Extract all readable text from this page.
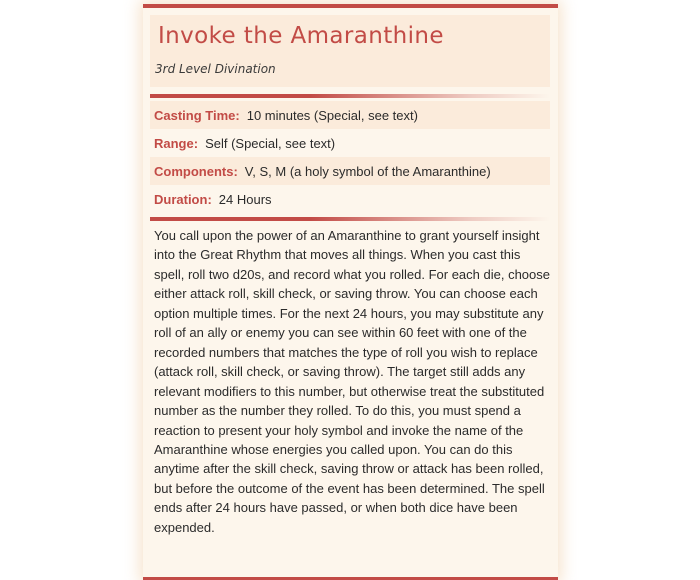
Invoke the Amaranthine
3rd Level Divination
Casting Time: 10 minutes (Special, see text)
Range: Self (Special, see text)
Components: V, S, M (a holy symbol of the Amaranthine)
Duration: 24 Hours

You call upon the power of an Amaranthine to grant yourself insight into the Great Rhythm that moves all things. When you cast this spell, roll two d20s, and record what you rolled. For each die, choose either attack roll, skill check, or saving throw. You can choose each option multiple times. For the next 24 hours, you may substitute any roll of an ally or enemy you can see within 60 feet with one of the recorded numbers that matches the type of roll you wish to replace (attack roll, skill check, or saving throw). The target still adds any relevant modifiers to this number, but otherwise treat the substituted number as the number they rolled. To do this, you must spend a reaction to present your holy symbol and invoke the name of the Amaranthine whose energies you called upon. You can do this anytime after the skill check, saving throw or attack has been rolled, but before the outcome of the event has been determined. The spell ends after 24 hours have passed, or when both dice have been expended.
